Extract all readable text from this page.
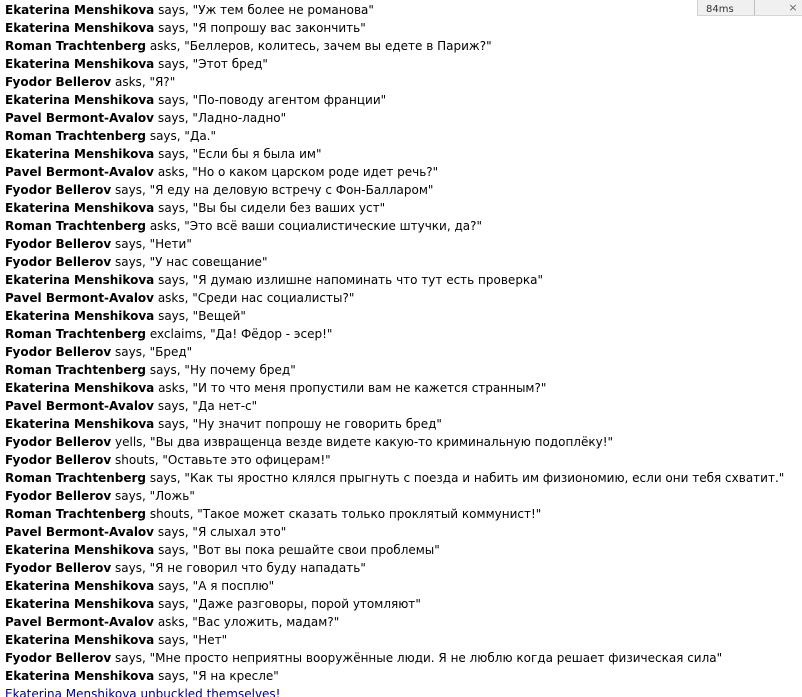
Ekaterina Menshikova says, "Уж тем более не романова"
Ekaterina Menshikova says, "Я попрошу вас закончить"
Roman Trachtenberg asks, "Беллеров, колитесь, зачем вы едете в Париж?"
Ekaterina Menshikova says, "Этот бред"
Fyodor Bellerov asks, "Я?"
Ekaterina Menshikova says, "По-поводу агентом франции"
Pavel Bermont-Avalov says, "Ладно-ладно"
Roman Trachtenberg says, "Да."
Ekaterina Menshikova says, "Если бы я была им"
Pavel Bermont-Avalov asks, "Но о каком царском роде идет речь?"
Fyodor Bellerov says, "Я еду на деловую встречу с Фон-Балларом"
Ekaterina Menshikova says, "Вы бы сидели без ваших уст"
Roman Trachtenberg asks, "Это всё ваши социалистические штучки, да?"
Fyodor Bellerov says, "Нети"
Fyodor Bellerov says, "У нас совещание"
Ekaterina Menshikova says, "Я думаю излишне напоминать что тут есть проверка"
Pavel Bermont-Avalov asks, "Среди нас социалисты?"
Ekaterina Menshikova says, "Вещей"
Roman Trachtenberg exclaims, "Да! Фёдор - эсер!"
Fyodor Bellerov says, "Бред"
Roman Trachtenberg says, "Ну почему бред"
Ekaterina Menshikova asks, "И то что меня пропустили вам не кажется странным?"
Pavel Bermont-Avalov says, "Да нет-с"
Ekaterina Menshikova says, "Ну значит попрошу не говорить бред"
Fyodor Bellerov yells, "Вы два извращенца везде видете какую-то криминальную подоплёку!"
Fyodor Bellerov shouts, "Оставьте это офицерам!"
Roman Trachtenberg says, "Как ты яростно клялся прыгнуть с поезда и набить им физиономию, если они тебя схватит."
Fyodor Bellerov says, "Ложь"
Roman Trachtenberg shouts, "Такое может сказать только проклятый коммунист!"
Pavel Bermont-Avalov says, "Я слыхал это"
Ekaterina Menshikova says, "Вот вы пока решайте свои проблемы"
Fyodor Bellerov says, "Я не говорил что буду нападать"
Ekaterina Menshikova says, "А я посплю"
Ekaterina Menshikova says, "Даже разговоры, порой утомляют"
Pavel Bermont-Avalov asks, "Вас уложить, мадам?"
Ekaterina Menshikova says, "Нет"
Fyodor Bellerov says, "Мне просто неприятны вооружённые люди. Я не люблю когда решает физическая сила"
Ekaterina Menshikova says, "Я на кресле"
Ekaterina Menshikova unbuckled themselves!
84ms	×
